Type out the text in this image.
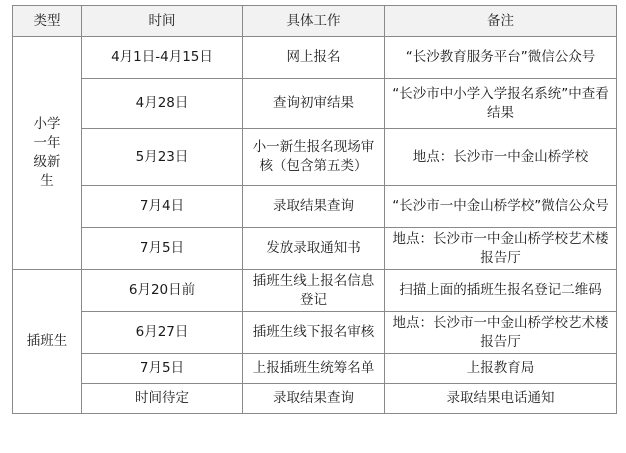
类型	时间	具体工作	备注
小学一年级新生	4月1日-4月15日	网上报名	“长沙教育服务平台”微信公众号
	4月28日	查询初审结果	“长沙市中小学入学报名系统”中查看结果
	5月23日	小一新生报名现场审核（包含第五类）	地点：长沙市一中金山桥学校
	7月4日	录取结果查询	“长沙市一中金山桥学校”微信公众号
	7月5日	发放录取通知书	地点：长沙市一中金山桥学校艺术楼报告厅
插班生	6月20日前	插班生线上报名信息登记	扫描上面的插班生报名登记二维码
	6月27日	插班生线下报名审核	地点：长沙市一中金山桥学校艺术楼报告厅
	7月5日	上报插班生统筹名单	上报教育局
	时间待定	录取结果查询	录取结果电话通知
